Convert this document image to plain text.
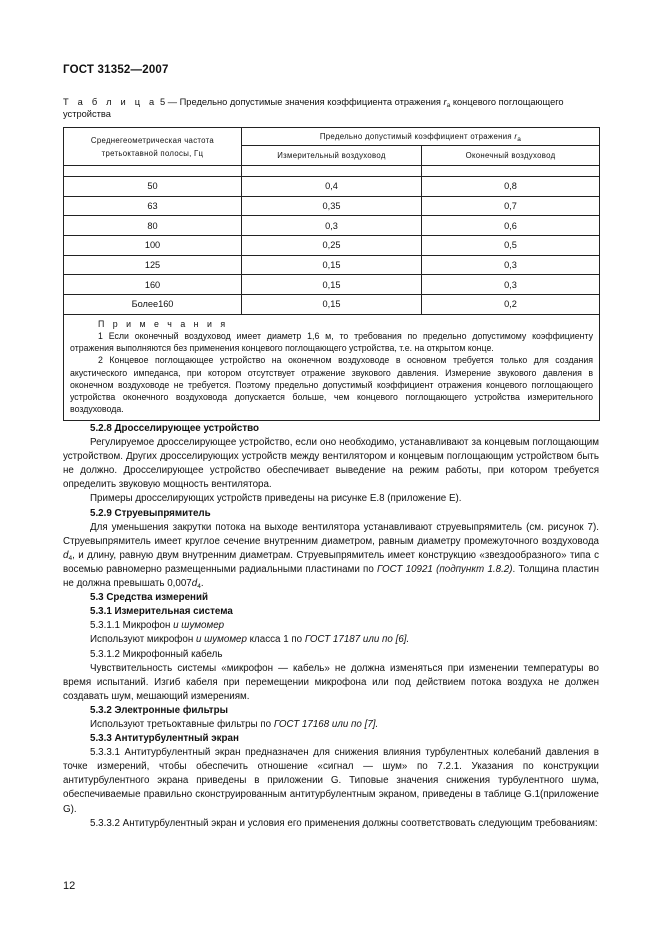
ГОСТ 31352—2007
Т а б л и ц а 5 — Предельно допустимые значения коэффициента отражения $r_a$ концевого поглощающего устройства
Среднегеометрическая частота
третьоктавной полосы, Гц	Предельно допустимый коэффициент отражения $r_a$
	Измерительный воздуховод	Оконечный воздуховод

50	0,4	0,8
63	0,35	0,7
80	0,3	0,6
100	0,25	0,5
125	0,15	0,3
160	0,15	0,3
Более160	0,15	0,2

П р и м е ч а н и я

1 Если оконечный воздуховод имеет диаметр 1,6 м, то требования по предельно допустимому коэффициенту отражения выполняются без применения концевого поглощающего устройства, т.е. на открытом конце.

2 Концевое поглощающее устройство на оконечном воздуховоде в основном требуется только для создания акустического импеданса, при котором отсутствует отражение звукового давления. Измерение звукового давления в оконечном воздуховоде не требуется. Поэтому предельно допустимый коэффициент отражения концевого поглощающего устройства оконечного воздуховода допускается больше, чем концевого поглощающего устройства измерительного воздуховода.		

5.2.8 Дросселирующее устройство

Регулируемое дросселирующее устройство, если оно необходимо, устанавливают за концевым поглощающим устройством. Других дросселирующих устройств между вентилятором и концевым поглощающим устройством быть не должно. Дросселирующее устройство обеспечивает выведение на режим работы, при котором требуется определить звуковую мощность вентилятора.

Примеры дросселирующих устройств приведены на рисунке Е.8 (приложение Е).

5.2.9 Струевыпрямитель

Для уменьшения закрутки потока на выходе вентилятора устанавливают струевыпрямитель (см. рисунок 7). Струевыпрямитель имеет круглое сечение внутренним диаметром, равным диаметру промежуточного воздуховода $d_4$, и длину, равную двум внутренним диаметрам. Струевыпрямитель имеет конструкцию «звездообразного» типа с восемью равномерно размещенными радиальными пластинами по ГОСТ 10921 (подпункт 1.8.2). Толщина пластин не должна превышать $0,007d_4$.

5.3 Средства измерений

5.3.1 Измерительная система

5.3.1.1 Микрофон и шумомер

Используют микрофон и шумомер класса 1 по ГОСТ 17187 или по [6].

5.3.1.2 Микрофонный кабель

Чувствительность системы «микрофон — кабель» не должна изменяться при изменении температуры во время испытаний. Изгиб кабеля при перемещении микрофона или под действием потока воздуха не должен создавать шум, мешающий измерениям.

5.3.2 Электронные фильтры

Используют третьоктавные фильтры по ГОСТ 17168 или по [7].

5.3.3 Антитурбулентный экран

5.3.3.1 Антитурбулентный экран предназначен для снижения влияния турбулентных колебаний давления в точке измерений, чтобы обеспечить отношение «сигнал — шум» по 7.2.1. Указания по конструкции антитурбулентного экрана приведены в приложении G. Типовые значения снижения турбулентного шума, обеспечиваемые правильно сконструированным антитурбулентным экраном, приведены в таблице G.1(приложение G).

5.3.3.2 Антитурбулентный экран и условия его применения должны соответствовать следующим требованиям:

12
